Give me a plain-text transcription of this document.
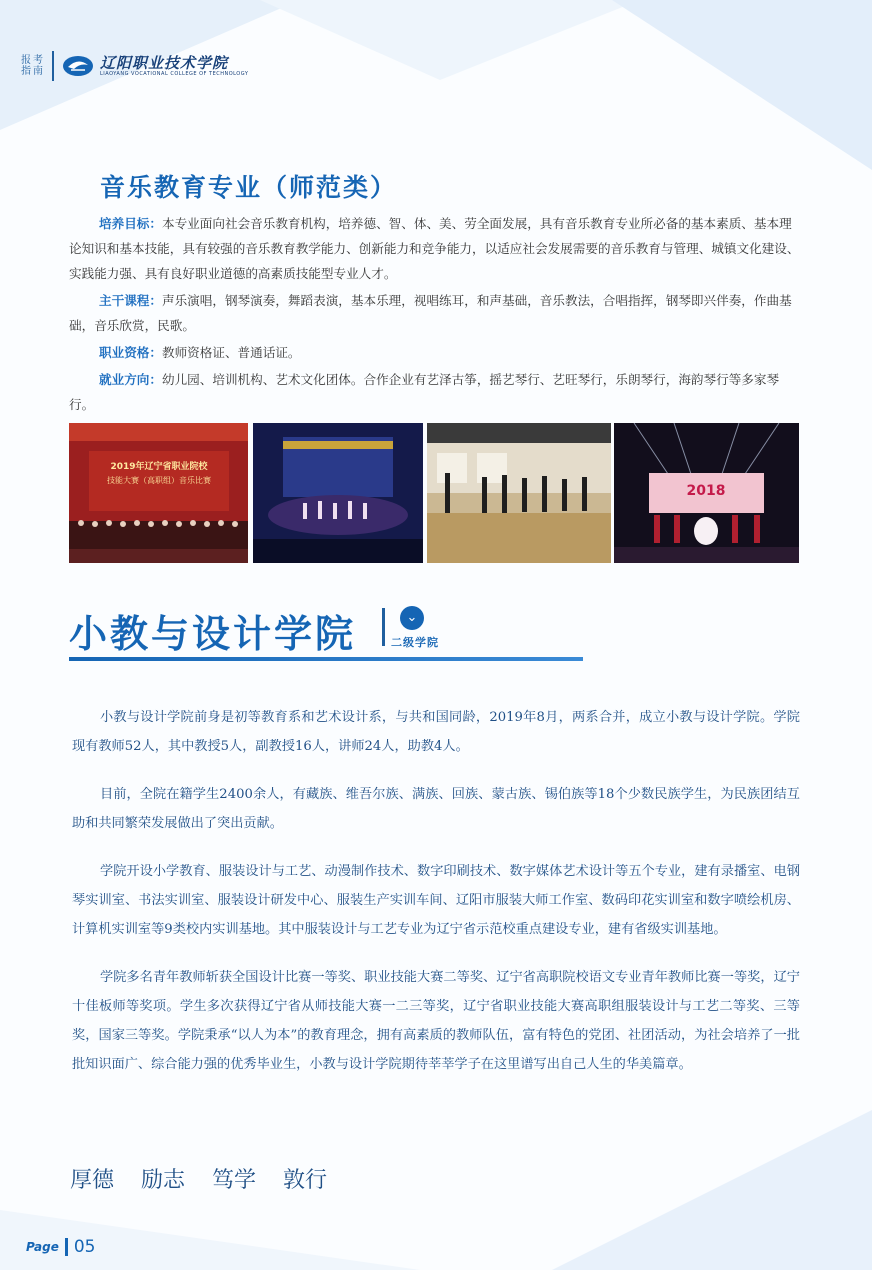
报 考
指 南	辽阳职业技术学院
LIAOYANG VOCATIONAL COLLEGE OF TECHNOLOGY
音乐教育专业（师范类）

培养目标：本专业面向社会音乐教育机构，培养德、智、体、美、劳全面发展，具有音乐教育专业所必备的基本素质、基本理论知识和基本技能，具有较强的音乐教育教学能力、创新能力和竞争能力，以适应社会发展需要的音乐教育与管理、城镇文化建设、实践能力强、具有良好职业道德的高素质技能型专业人才。

主干课程：声乐演唱，钢琴演奏，舞蹈表演，基本乐理，视唱练耳，和声基础，音乐教法，合唱指挥，钢琴即兴伴奏，作曲基础，音乐欣赏，民歌。

职业资格：教师资格证、普通话证。

就业方向：幼儿园、培训机构、艺术文化团体。合作企业有艺泽古筝，摇艺琴行、艺旺琴行，乐朗琴行，海韵琴行等多家琴行。

2019年辽宁省职业院校
技能大赛（高职组）音乐比赛
2018
小教与设计学院	⌄
二级学院

小教与设计学院前身是初等教育系和艺术设计系，与共和国同龄，2019年8月，两系合并，成立小教与设计学院。学院现有教师52人，其中教授5人，副教授16人，讲师24人，助教4人。

目前，全院在籍学生2400余人，有藏族、维吾尔族、满族、回族、蒙古族、锡伯族等18个少数民族学生，为民族团结互助和共同繁荣发展做出了突出贡献。

学院开设小学教育、服装设计与工艺、动漫制作技术、数字印刷技术、数字媒体艺术设计等五个专业，建有录播室、电钢琴实训室、书法实训室、服装设计研发中心、服装生产实训车间、辽阳市服装大师工作室、数码印花实训室和数字喷绘机房、计算机实训室等9类校内实训基地。其中服装设计与工艺专业为辽宁省示范校重点建设专业，建有省级实训基地。

学院多名青年教师斩获全国设计比赛一等奖、职业技能大赛二等奖、辽宁省高职院校语文专业青年教师比赛一等奖，辽宁十佳板师等奖项。学生多次获得辽宁省从师技能大赛一二三等奖，辽宁省职业技能大赛高职组服装设计与工艺二等奖、三等奖，国家三等奖。学院秉承“以人为本”的教育理念，拥有高素质的教师队伍，富有特色的党团、社团活动，为社会培养了一批批知识面广、综合能力强的优秀毕业生，小教与设计学院期待莘莘学子在这里谱写出自己人生的华美篇章。

厚德 励志 笃学 敦行
Page 05
